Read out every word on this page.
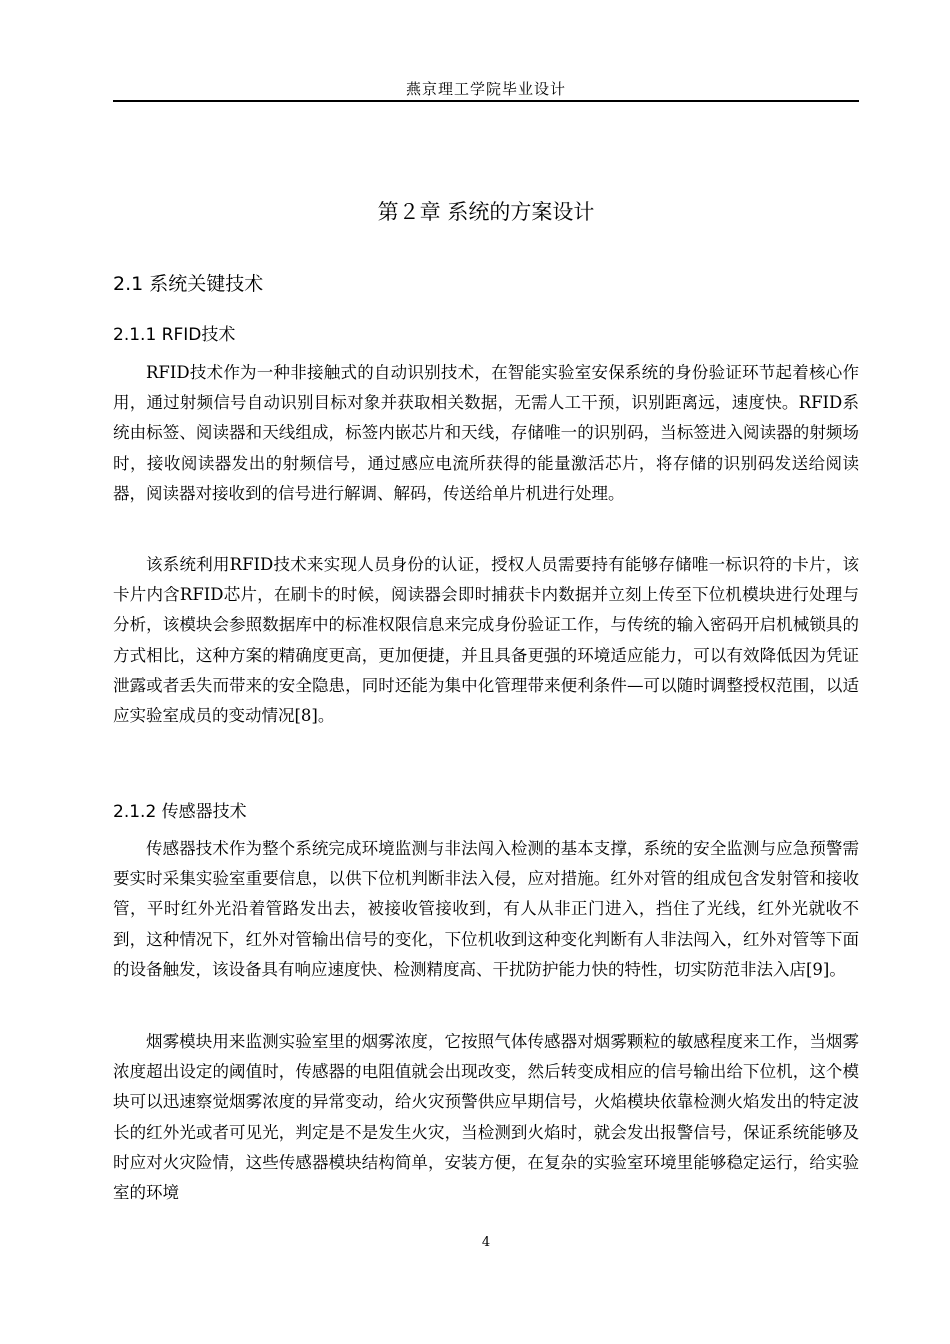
燕京理工学院毕业设计
第２章 系统的方案设计
2.1 系统关键技术
2.1.1 RFID技术

RFID技术作为一种非接触式的自动识别技术，在智能实验室安保系统的身份验证环节起着核心作用，通过射频信号自动识别目标对象并获取相关数据，无需人工干预，识别距离远，速度快。RFID系统由标签、阅读器和天线组成，标签内嵌芯片和天线，存储唯一的识别码，当标签进入阅读器的射频场时，接收阅读器发出的射频信号，通过感应电流所获得的能量激活芯片，将存储的识别码发送给阅读器，阅读器对接收到的信号进行解调、解码，传送给单片机进行处理。

该系统利用RFID技术来实现人员身份的认证，授权人员需要持有能够存储唯一标识符的卡片，该卡片内含RFID芯片，在刷卡的时候，阅读器会即时捕获卡内数据并立刻上传至下位机模块进行处理与分析，该模块会参照数据库中的标准权限信息来完成身份验证工作，与传统的输入密码开启机械锁具的方式相比，这种方案的精确度更高，更加便捷，并且具备更强的环境适应能力，可以有效降低因为凭证泄露或者丢失而带来的安全隐患，同时还能为集中化管理带来便利条件—可以随时调整授权范围，以适应实验室成员的变动情况[8]。

2.1.2 传感器技术

传感器技术作为整个系统完成环境监测与非法闯入检测的基本支撑，系统的安全监测与应急预警需要实时采集实验室重要信息，以供下位机判断非法入侵，应对措施。红外对管的组成包含发射管和接收管，平时红外光沿着管路发出去，被接收管接收到，有人从非正门进入，挡住了光线，红外光就收不到，这种情况下，红外对管输出信号的变化，下位机收到这种变化判断有人非法闯入，红外对管等下面的设备触发，该设备具有响应速度快、检测精度高、干扰防护能力快的特性，切实防范非法入店[9]。

烟雾模块用来监测实验室里的烟雾浓度，它按照气体传感器对烟雾颗粒的敏感程度来工作，当烟雾浓度超出设定的阈值时，传感器的电阻值就会出现改变，然后转变成相应的信号输出给下位机，这个模块可以迅速察觉烟雾浓度的异常变动，给火灾预警供应早期信号，火焰模块依靠检测火焰发出的特定波长的红外光或者可见光，判定是不是发生火灾，当检测到火焰时，就会发出报警信号，保证系统能够及时应对火灾险情，这些传感器模块结构简单，安装方便，在复杂的实验室环境里能够稳定运行，给实验室的环境

4
